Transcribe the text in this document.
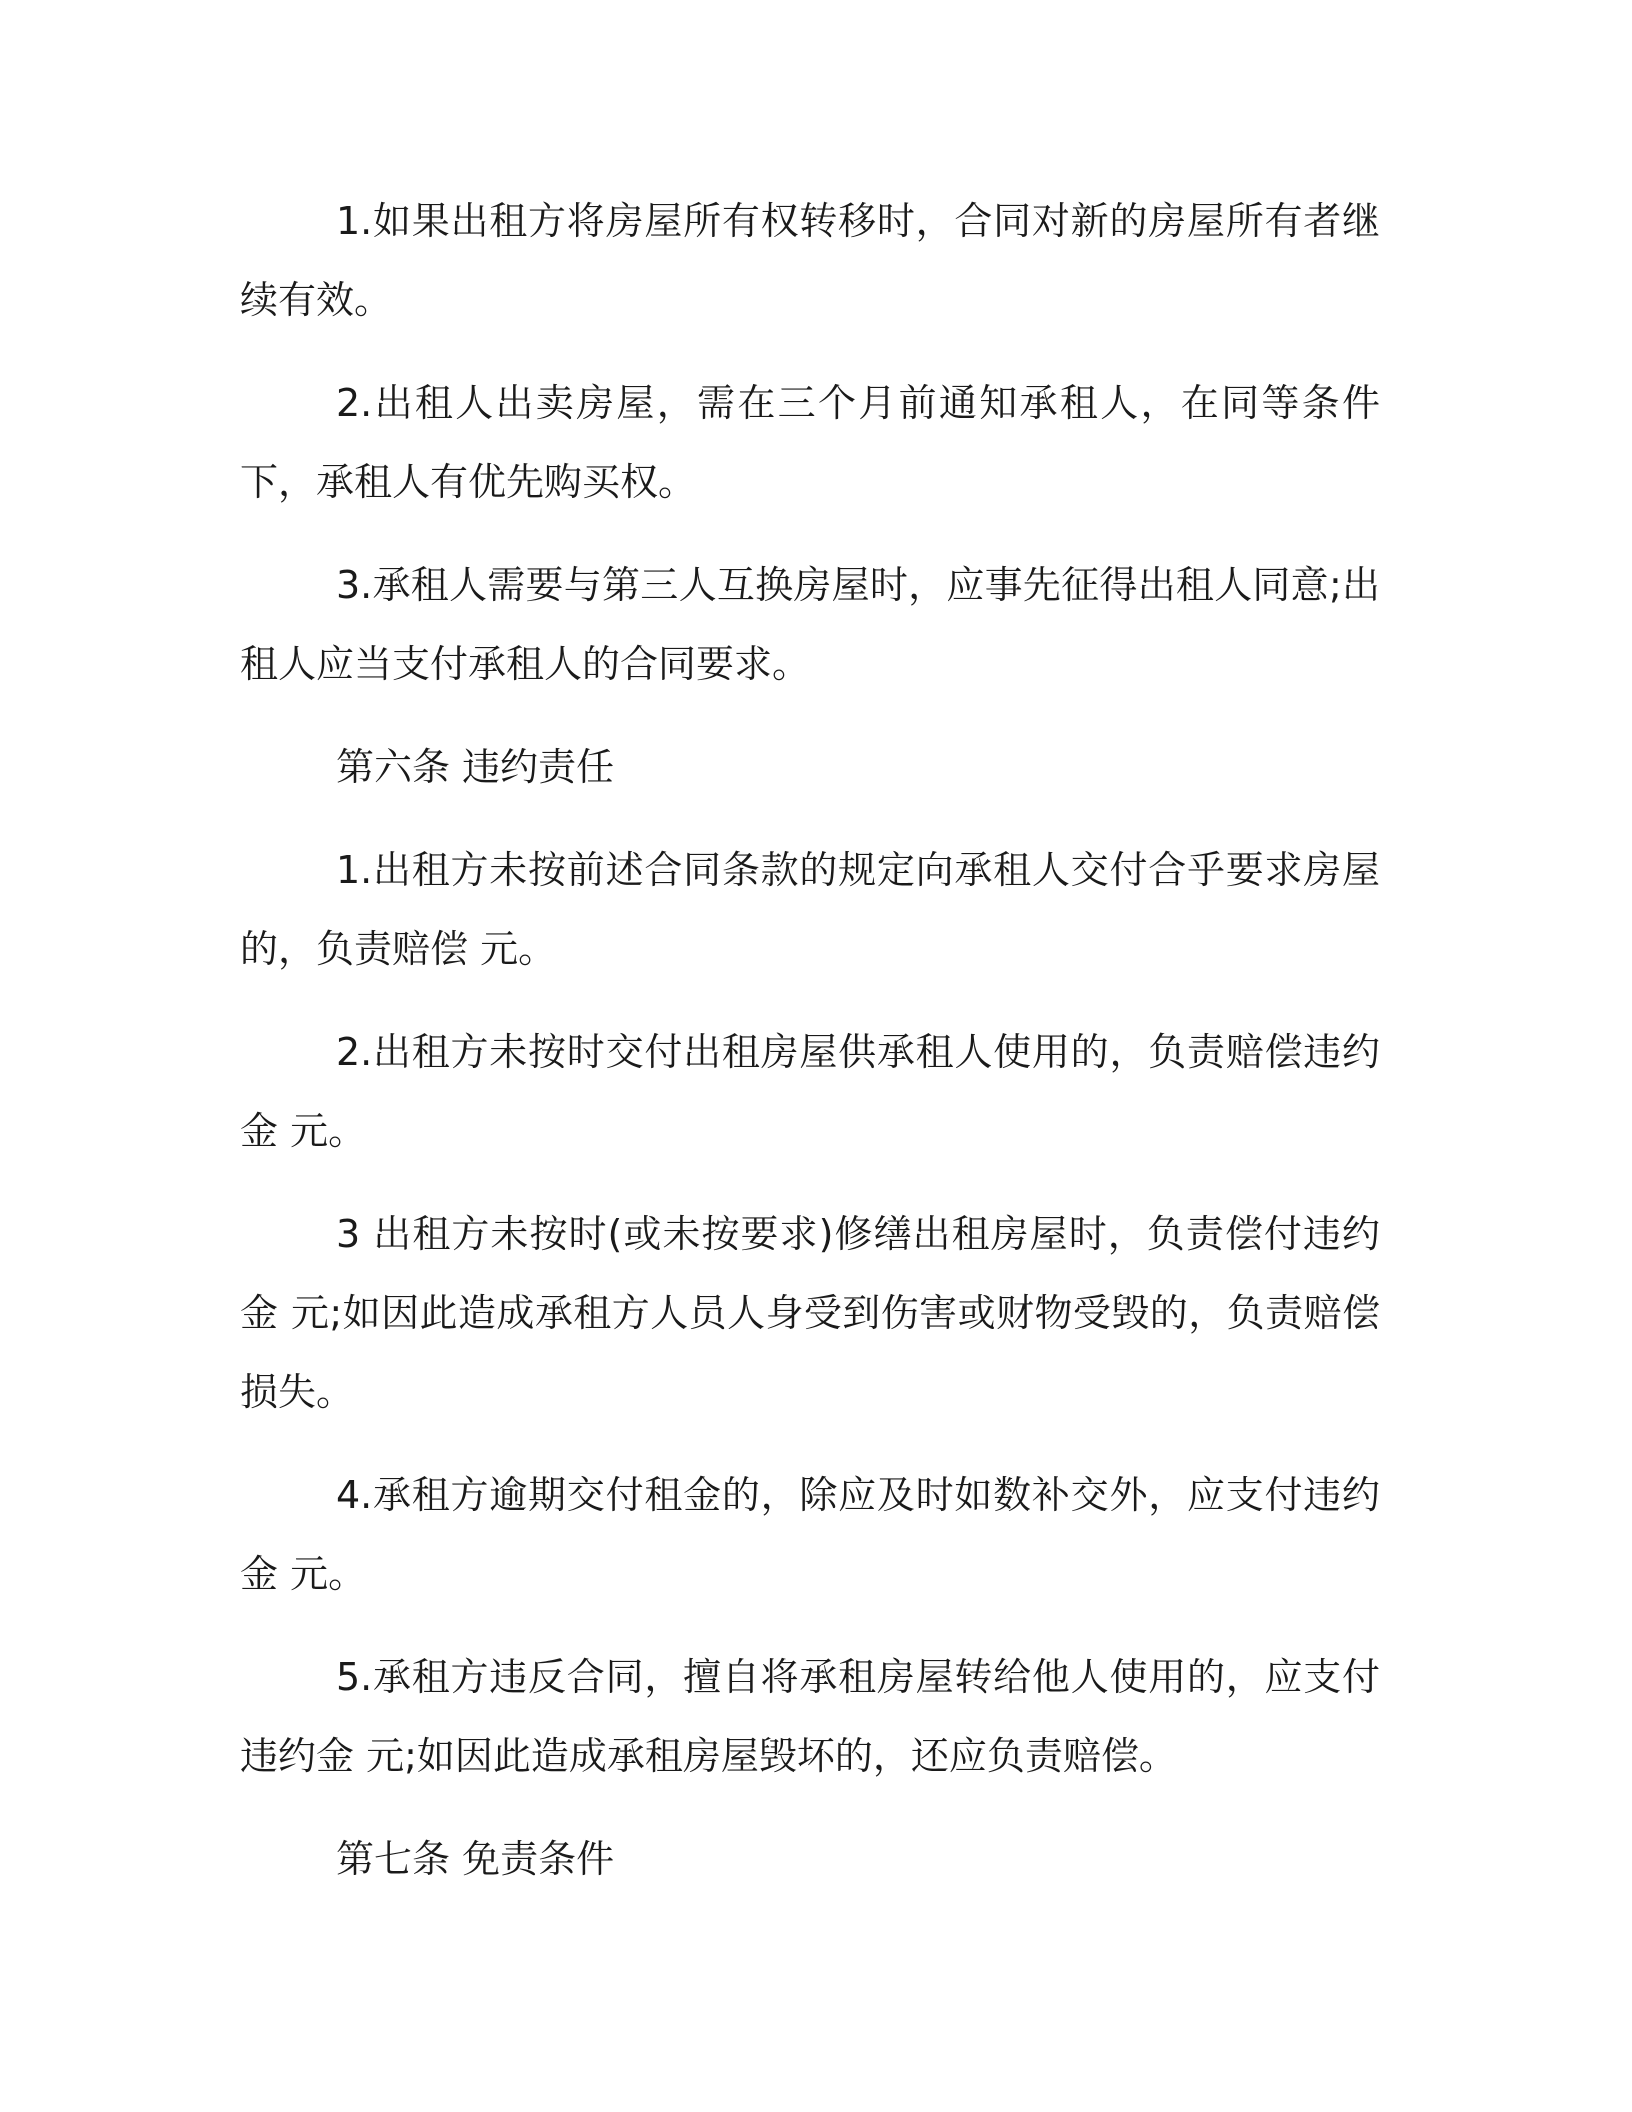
1.如果出租方将房屋所有权转移时，合同对新的房屋所有者继续有效。

2.出租人出卖房屋，需在三个月前通知承租人，在同等条件下，承租人有优先购买权。

3.承租人需要与第三人互换房屋时，应事先征得出租人同意;出租人应当支付承租人的合同要求。

第六条 违约责任

1.出租方未按前述合同条款的规定向承租人交付合乎要求房屋的，负责赔偿 元。

2.出租方未按时交付出租房屋供承租人使用的，负责赔偿违约金 元。

3 出租方未按时(或未按要求)修缮出租房屋时，负责偿付违约金 元;如因此造成承租方人员人身受到伤害或财物受毁的，负责赔偿损失。

4.承租方逾期交付租金的，除应及时如数补交外，应支付违约金 元。

5.承租方违反合同，擅自将承租房屋转给他人使用的，应支付违约金 元;如因此造成承租房屋毁坏的，还应负责赔偿。

第七条 免责条件
